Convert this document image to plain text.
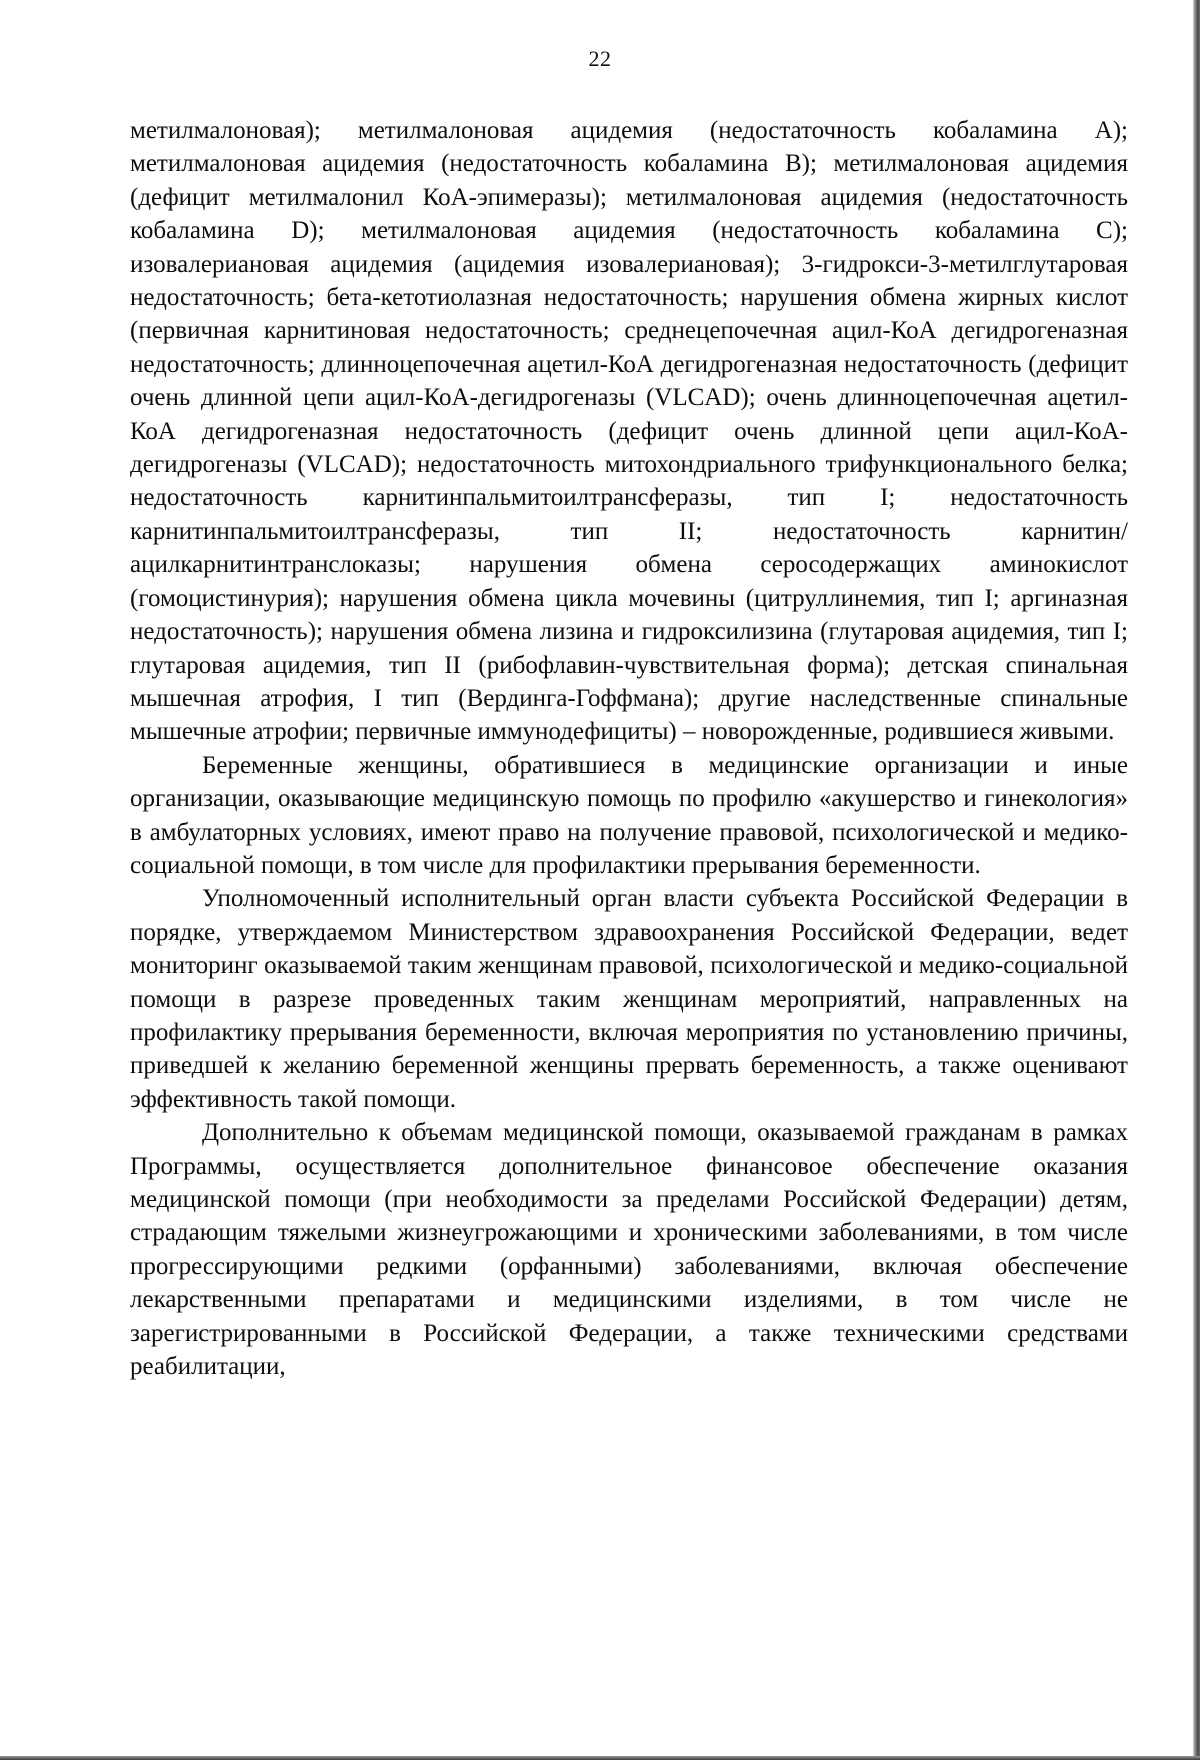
22

метилмалоновая); метилмалоновая ацидемия (недостаточность кобаламина A); метилмалоновая ацидемия (недостаточность кобаламина B); метилмалоновая ацидемия (дефицит метилмалонил КоА-эпимеразы); метилмалоновая ацидемия (недостаточность кобаламина D); метилмалоновая ацидемия (недостаточность кобаламина C); изовалериановая ацидемия (ацидемия изовалериановая); 3-гидрокси-3-метилглутаровая недостаточность; бета-кетотиолазная недостаточность; нарушения обмена жирных кислот (первичная карнитиновая недостаточность; среднецепочечная ацил-КоА дегидрогеназная недостаточность; длинноцепочечная ацетил-КоА дегидрогеназная недостаточность (дефицит очень длинной цепи ацил-КоА-дегидрогеназы (VLCAD); очень длинноцепочечная ацетил-КоА дегидрогеназная недостаточность (дефицит очень длинной цепи ацил-КоА-дегидрогеназы (VLCAD); недостаточность митохондриального трифункционального белка; недостаточность карнитинпальмитоилтрансферазы, тип I; недостаточность карнитинпальмитоилтрансферазы, тип II; недостаточность карнитин/ацилкарнитинтранслоказы; нарушения обмена серосодержащих аминокислот (гомоцистинурия); нарушения обмена цикла мочевины (цитруллинемия, тип I; аргиназная недостаточность); нарушения обмена лизина и гидроксилизина (глутаровая ацидемия, тип I; глутаровая ацидемия, тип II (рибофлавин-чувствительная форма); детская спинальная мышечная атрофия, I тип (Вердинга-Гоффмана); другие наследственные спинальные мышечные атрофии; первичные иммунодефициты) – новорожденные, родившиеся живыми.

Беременные женщины, обратившиеся в медицинские организации и иные организации, оказывающие медицинскую помощь по профилю «акушерство и гинекология» в амбулаторных условиях, имеют право на получение правовой, психологической и медико-социальной помощи, в том числе для профилактики прерывания беременности.

Уполномоченный исполнительный орган власти субъекта Российской Федерации в порядке, утверждаемом Министерством здравоохранения Российской Федерации, ведет мониторинг оказываемой таким женщинам правовой, психологической и медико-социальной помощи в разрезе проведенных таким женщинам мероприятий, направленных на профилактику прерывания беременности, включая мероприятия по установлению причины, приведшей к желанию беременной женщины прервать беременность, а также оценивают эффективность такой помощи.

Дополнительно к объемам медицинской помощи, оказываемой гражданам в рамках Программы, осуществляется дополнительное финансовое обеспечение оказания медицинской помощи (при необходимости за пределами Российской Федерации) детям, страдающим тяжелыми жизнеугрожающими и хроническими заболеваниями, в том числе прогрессирующими редкими (орфанными) заболеваниями, включая обеспечение лекарственными препаратами и медицинскими изделиями, в том числе не зарегистрированными в Российской Федерации, а также техническими средствами реабилитации,
